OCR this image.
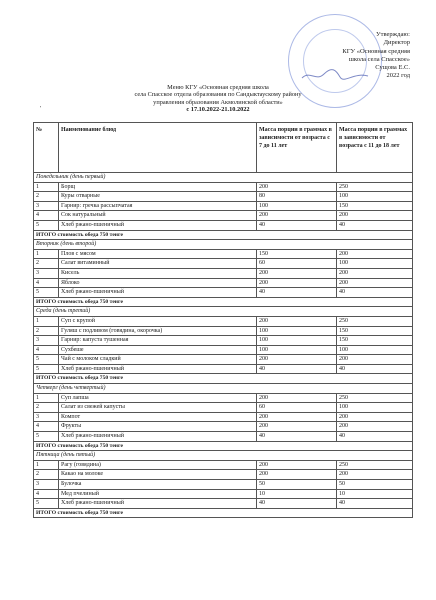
Утверждаю:
Директор
КГУ «Основная средняя
школа села Спасское»
Сущова Е.С.
2022 год
Меню КГУ «Основная средняя школа
села Спасское отдела образования по Сандыктаускому району
управления образования Акмолинской области»
с 17.10.2022-21.10.2022
'
№	Наименование блюд	Масса порции в граммах в зависимости от возраста с 7 до 11 лет	Масса порции в граммах в зависимости от возраста с 11 до 18 лет
Понедельник (день первый)			
1	Борщ	200	250
2	Куры отварные	80	100
3	Гарнир: гречка рассыпчатая	100	150
4	Сок натуральный	200	200
5	Хлеб ржано-пшеничный	40	40
ИТОГО стоимость обеда 750 тенге			
Вторник (день второй)			
1	Плов с мясом	150	200
2	Салат витаминный	60	100
3	Кисель	200	200
4	Яблоко	200	200
5	Хлеб ржано-пшеничный	40	40
ИТОГО стоимость обеда 750 тенге			
Среда (день третий)			
1	Суп с крупой	200	250
2	Гуляш с подливом (говядина, окорочка)	100	150
3	Гарнир: капуста тушенная	100	150
4	Сухбеше	100	100
5	Чай с молоком сладкий	200	200
5	Хлеб ржано-пшеничный	40	40
ИТОГО стоимость обеда 750 тенге			
Четверг (день четвертый)			
1	Суп лапша	200	250
2	Салат из свежей капусты	60	100
3	Компот	200	200
4	Фрукты	200	200
5	Хлеб ржано-пшеничный	40	40
ИТОГО стоимость обеда 750 тенге			
Пятница (день пятый)			
1	Рагу (говядина)	200	250
2	Какао на молоке	200	200
3	Булочка	50	50
4	Мед пчелиный	10	10
5	Хлеб ржано-пшеничный	40	40
ИТОГО стоимость обеда 750 тенге			
